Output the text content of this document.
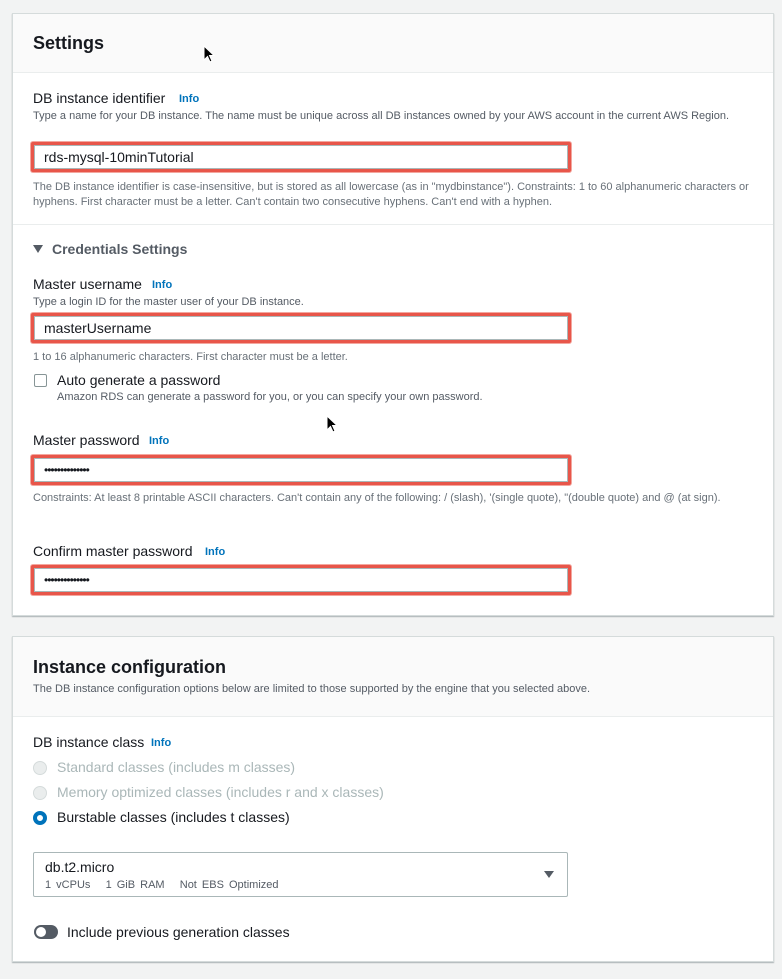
Settings
DB instance identifier Info
Type a name for your DB instance. The name must be unique across all DB instances owned by your AWS account in the current AWS Region.
rds-mysql-10minTutorial
The DB instance identifier is case-insensitive, but is stored as all lowercase (as in "mydbinstance"). Constraints: 1 to 60 alphanumeric characters or hyphens. First character must be a letter. Can't contain two consecutive hyphens. Can't end with a hyphen.
Credentials Settings
Master username Info
Type a login ID for the master user of your DB instance.
masterUsername
1 to 16 alphanumeric characters. First character must be a letter.
Auto generate a password
Amazon RDS can generate a password for you, or you can specify your own password.
Master password Info
••••••••••••••
Constraints: At least 8 printable ASCII characters. Can't contain any of the following: / (slash), '(single quote), "(double quote) and @ (at sign).
Confirm master password Info
••••••••••••••
Instance configuration
The DB instance configuration options below are limited to those supported by the engine that you selected above.
DB instance class Info
Standard classes (includes m classes)
Memory optimized classes (includes r and x classes)
Burstable classes (includes t classes)
db.t2.micro
1 vCPUs   1 GiB RAM   Not EBS Optimized
Include previous generation classes
